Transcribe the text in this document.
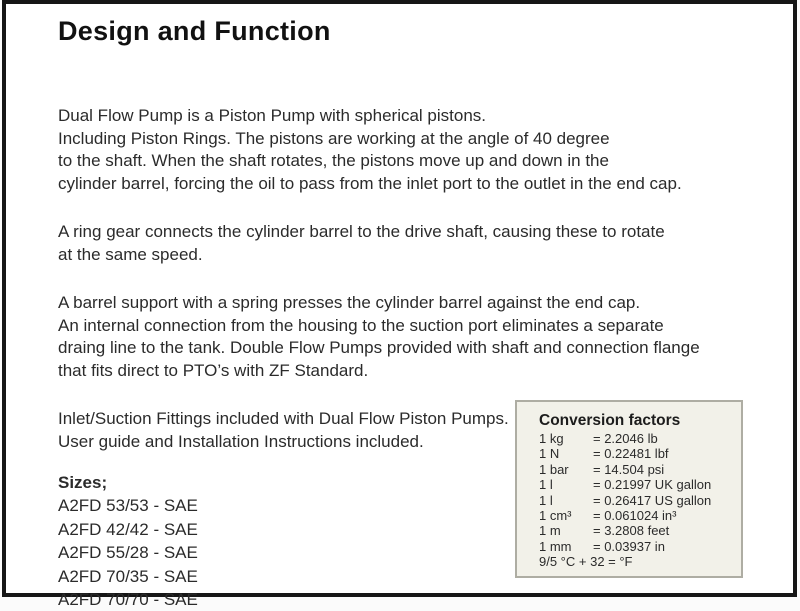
Design and Function

Dual Flow Pump is a Piston Pump with spherical pistons.
Including Piston Rings. The pistons are working at the angle of 40 degree
to the shaft. When the shaft rotates, the pistons move up and down in the
cylinder barrel, forcing the oil to pass from the inlet port to the outlet in the end cap.

A ring gear connects the cylinder barrel to the drive shaft, causing these to rotate
at the same speed.

A barrel support with a spring presses the cylinder barrel against the end cap.
An internal connection from the housing to the suction port eliminates a separate
draing line to the tank. Double Flow Pumps provided with shaft and connection flange
that fits direct to PTO’s with ZF Standard.

Inlet/Suction Fittings included with Dual Flow Piston Pumps.
User guide and Installation Instructions included.

Sizes;
A2FD 53/53 - SAE
A2FD 42/42 - SAE
A2FD 55/28 - SAE
A2FD 70/35 - SAE
A2FD 70/70 - SAE
Conversion factors
1 kg = 2.2046 lb
1 N	= 0.22481 lbf
1 bar = 14.504 psi
1 l	= 0.21997 UK gallon
1 l	= 0.26417 US gallon
1 cm³ = 0.061024 in³
1 m = 3.2808 feet
1 mm = 0.03937 in
9/5 °C + 32 = °F
